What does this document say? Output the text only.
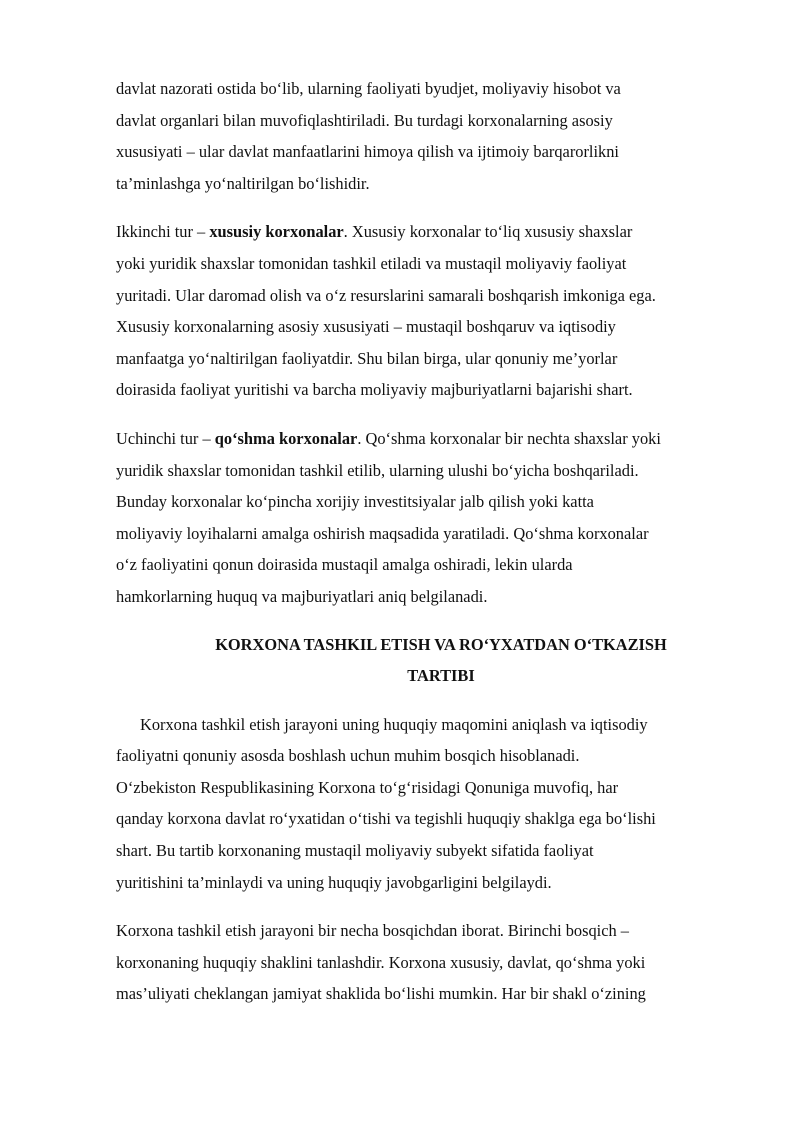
davlat nazorati ostida bo‘lib, ularning faoliyati byudjet, moliyaviy hisobot va
davlat organlari bilan muvofiqlashtiriladi. Bu turdagi korxonalarning asosiy
xususiyati – ular davlat manfaatlarini himoya qilish va ijtimoiy barqarorlikni
ta’minlashga yo‘naltirilgan bo‘lishidir.

Ikkinchi tur – xususiy korxonalar. Xususiy korxonalar to‘liq xususiy shaxslar
yoki yuridik shaxslar tomonidan tashkil etiladi va mustaqil moliyaviy faoliyat
yuritadi. Ular daromad olish va o‘z resurslarini samarali boshqarish imkoniga ega.
Xususiy korxonalarning asosiy xususiyati – mustaqil boshqaruv va iqtisodiy
manfaatga yo‘naltirilgan faoliyatdir. Shu bilan birga, ular qonuniy me’yorlar
doirasida faoliyat yuritishi va barcha moliyaviy majburiyatlarni bajarishi shart.

Uchinchi tur – qo‘shma korxonalar. Qo‘shma korxonalar bir nechta shaxslar yoki
yuridik shaxslar tomonidan tashkil etilib, ularning ulushi bo‘yicha boshqariladi.
Bunday korxonalar ko‘pincha xorijiy investitsiyalar jalb qilish yoki katta
moliyaviy loyihalarni amalga oshirish maqsadida yaratiladi. Qo‘shma korxonalar
o‘z faoliyatini qonun doirasida mustaqil amalga oshiradi, lekin ularda
hamkorlarning huquq va majburiyatlari aniq belgilanadi.

KORXONA TASHKIL ETISH VA RO‘YXATDAN O‘TKAZISH
TARTIBI

Korxona tashkil etish jarayoni uning huquqiy maqomini aniqlash va iqtisodiy
faoliyatni qonuniy asosda boshlash uchun muhim bosqich hisoblanadi.
O‘zbekiston Respublikasining Korxona to‘g‘risidagi Qonuniga muvofiq, har
qanday korxona davlat ro‘yxatidan o‘tishi va tegishli huquqiy shaklga ega bo‘lishi
shart. Bu tartib korxonaning mustaqil moliyaviy subyekt sifatida faoliyat
yuritishini ta’minlaydi va uning huquqiy javobgarligini belgilaydi.

Korxona tashkil etish jarayoni bir necha bosqichdan iborat. Birinchi bosqich –
korxonaning huquqiy shaklini tanlashdir. Korxona xususiy, davlat, qo‘shma yoki
mas’uliyati cheklangan jamiyat shaklida bo‘lishi mumkin. Har bir shakl o‘zining
